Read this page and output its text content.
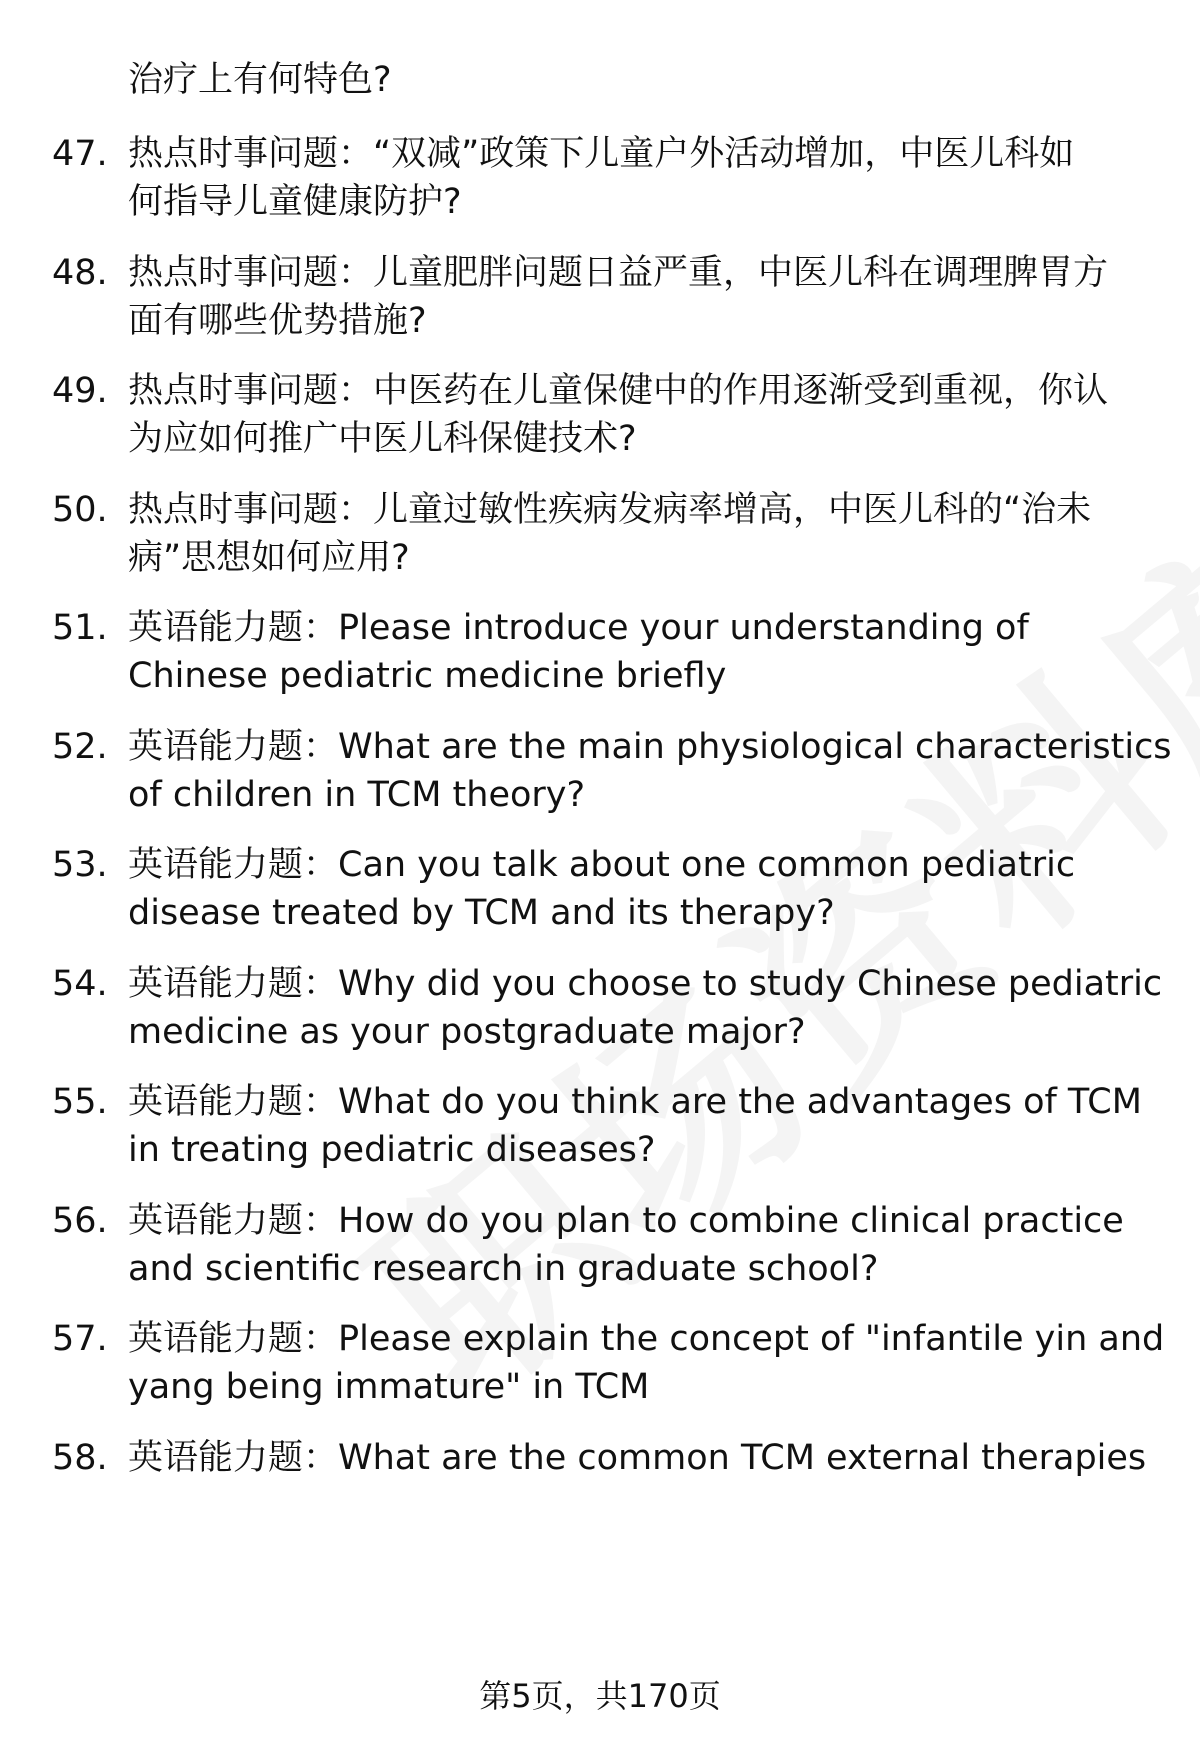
治疗上有何特色?
47. 热点时事问题：“双减”政策下儿童户外活动增加，中医儿科如
何指导儿童健康防护?
48. 热点时事问题：儿童肥胖问题日益严重，中医儿科在调理脾胃方
面有哪些优势措施?
49. 热点时事问题：中医药在儿童保健中的作用逐渐受到重视，你认
为应如何推广中医儿科保健技术?
50. 热点时事问题：儿童过敏性疾病发病率增高，中医儿科的“治未
病”思想如何应用?
51. 英语能力题：Please introduce your understanding of
Chinese pediatric medicine briefly
52. 英语能力题：What are the main physiological characteristics
of children in TCM theory?
53. 英语能力题：Can you talk about one common pediatric
disease treated by TCM and its therapy?
54. 英语能力题：Why did you choose to study Chinese pediatric
medicine as your postgraduate major?
55. 英语能力题：What do you think are the advantages of TCM
in treating pediatric diseases?
56. 英语能力题：How do you plan to combine clinical practice
and scientific research in graduate school?
57. 英语能力题：Please explain the concept of "infantile yin and
yang being immature" in TCM
58. 英语能力题：What are the common TCM external therapies
第5页，共170页
